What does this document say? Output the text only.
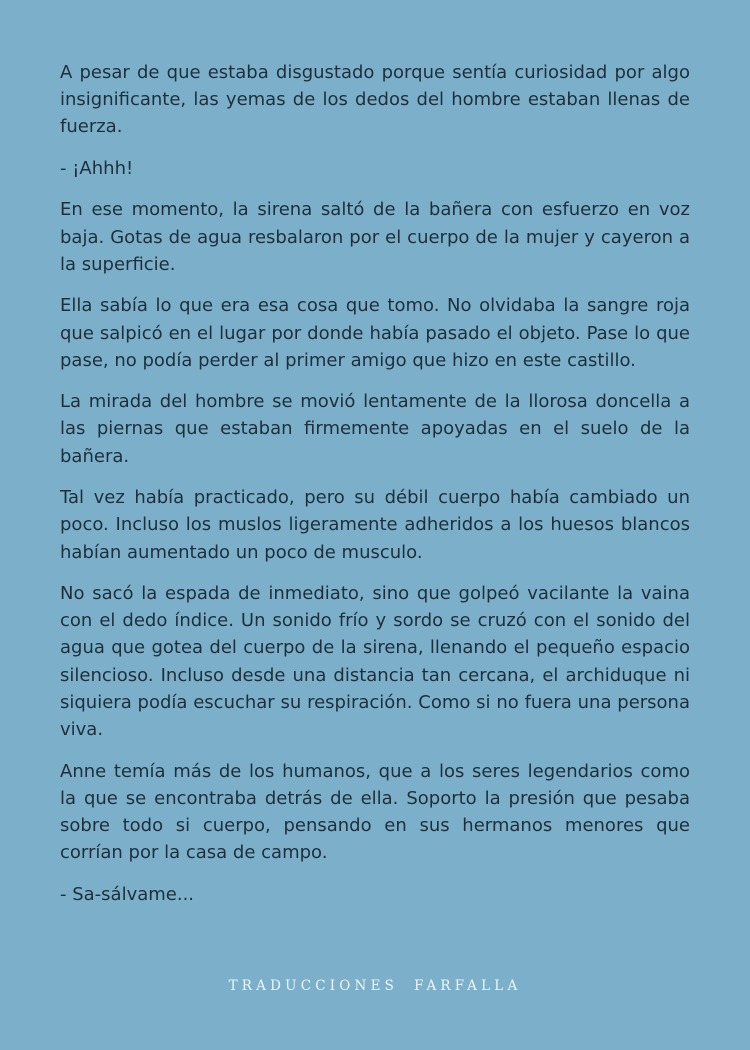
A pesar de que estaba disgustado porque sentía curiosidad por algo insignificante, las yemas de los dedos del hombre estaban llenas de fuerza.

- ¡Ahhh!

En ese momento, la sirena saltó de la bañera con esfuerzo en voz baja. Gotas de agua resbalaron por el cuerpo de la mujer y cayeron a la superficie.

Ella sabía lo que era esa cosa que tomo. No olvidaba la sangre roja que salpicó en el lugar por donde había pasado el objeto. Pase lo que pase, no podía perder al primer amigo que hizo en este castillo.

La mirada del hombre se movió lentamente de la llorosa doncella a las piernas que estaban firmemente apoyadas en el suelo de la bañera.

Tal vez había practicado, pero su débil cuerpo había cambiado un poco. Incluso los muslos ligeramente adheridos a los huesos blancos habían aumentado un poco de musculo.

No sacó la espada de inmediato, sino que golpeó vacilante la vaina con el dedo índice. Un sonido frío y sordo se cruzó con el sonido del agua que gotea del cuerpo de la sirena, llenando el pequeño espacio silencioso. Incluso desde una distancia tan cercana, el archiduque ni siquiera podía escuchar su respiración. Como si no fuera una persona viva.

Anne temía más de los humanos, que a los seres legendarios como la que se encontraba detrás de ella. Soporto la presión que pesaba sobre todo si cuerpo, pensando en sus hermanos menores que corrían por la casa de campo.

- Sa-sálvame...

TRADUCCIONES FARFALLA
